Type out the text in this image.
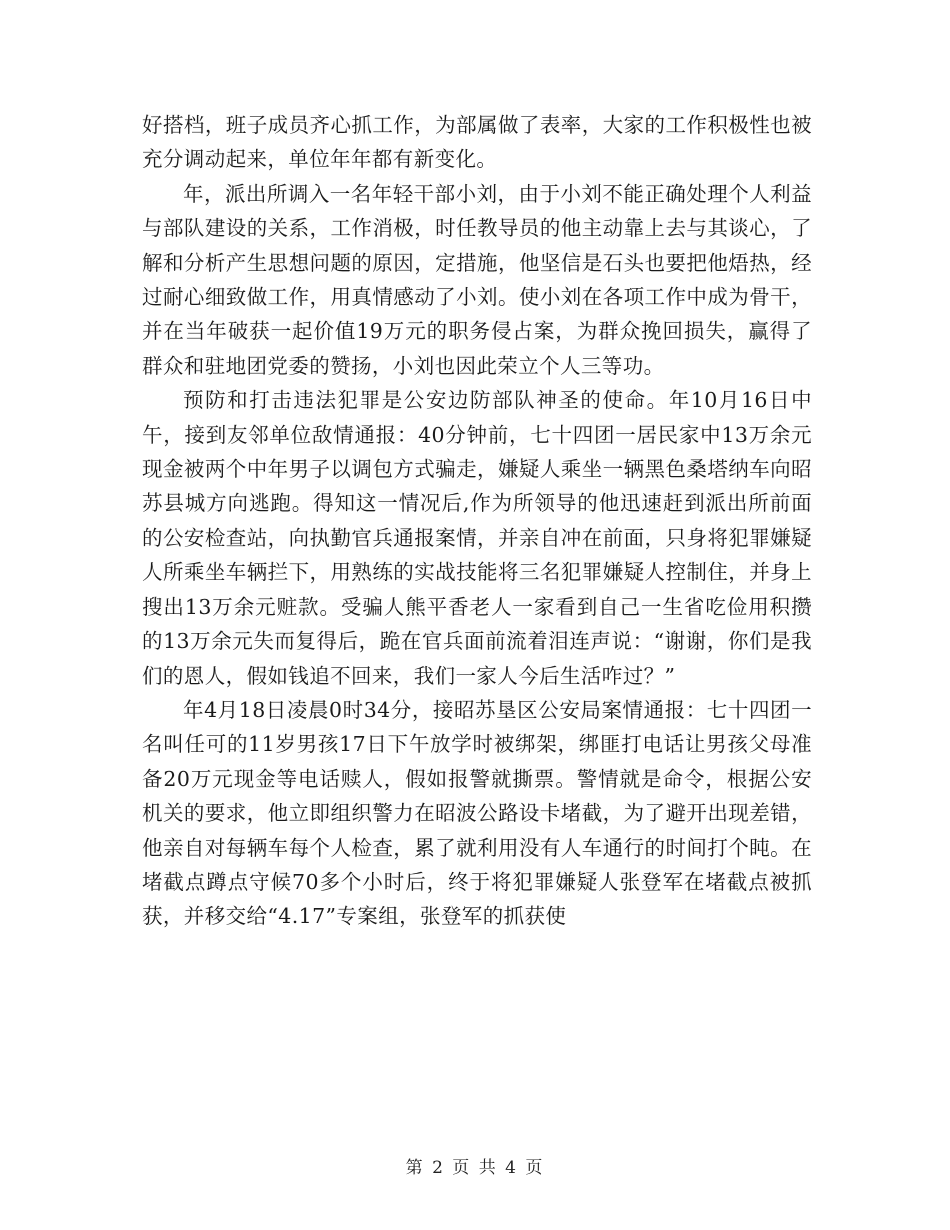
好搭档，班子成员齐心抓工作，为部属做了表率，大家的工作积极性也被充分调动起来，单位年年都有新变化。

年，派出所调入一名年轻干部小刘，由于小刘不能正确处理个人利益与部队建设的关系，工作消极，时任教导员的他主动靠上去与其谈心，了解和分析产生思想问题的原因，定措施，他坚信是石头也要把他焐热，经过耐心细致做工作，用真情感动了小刘。使小刘在各项工作中成为骨干，并在当年破获一起价值19万元的职务侵占案，为群众挽回损失，赢得了群众和驻地团党委的赞扬，小刘也因此荣立个人三等功。

预防和打击违法犯罪是公安边防部队神圣的使命。年10月16日中午，接到友邻单位敌情通报：40分钟前，七十四团一居民家中13万余元现金被两个中年男子以调包方式骗走，嫌疑人乘坐一辆黑色桑塔纳车向昭苏县城方向逃跑。得知这一情况后,作为所领导的他迅速赶到派出所前面的公安检查站，向执勤官兵通报案情，并亲自冲在前面，只身将犯罪嫌疑人所乘坐车辆拦下，用熟练的实战技能将三名犯罪嫌疑人控制住，并身上搜出13万余元赃款。受骗人熊平香老人一家看到自己一生省吃俭用积攒的13万余元失而复得后，跪在官兵面前流着泪连声说：“谢谢，你们是我们的恩人，假如钱追不回来，我们一家人今后生活咋过？”

年4月18日凌晨0时34分，接昭苏垦区公安局案情通报：七十四团一名叫任可的11岁男孩17日下午放学时被绑架，绑匪打电话让男孩父母准备20万元现金等电话赎人，假如报警就撕票。警情就是命令，根据公安机关的要求，他立即组织警力在昭波公路设卡堵截，为了避开出现差错，他亲自对每辆车每个人检查，累了就利用没有人车通行的时间打个盹。在堵截点蹲点守候70多个小时后，终于将犯罪嫌疑人张登军在堵截点被抓获，并移交给“4.17”专案组，张登军的抓获使

第 2 页 共 4 页
